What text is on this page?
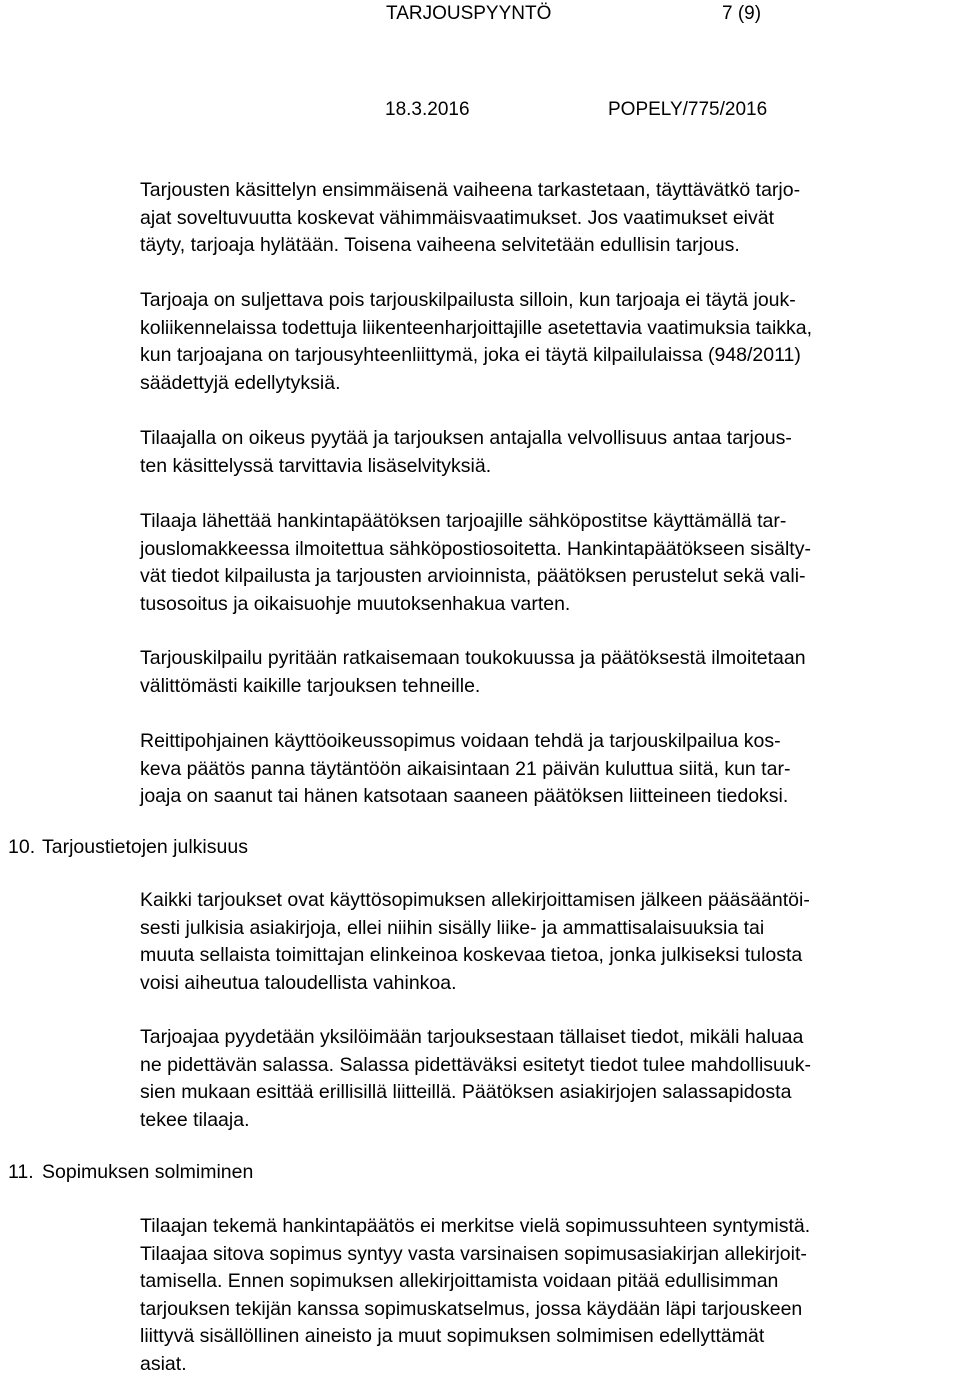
TARJOUSPYYNTÖ	7 (9)
18.3.2016	POPELY/775/2016

Tarjousten käsittelyn ensimmäisenä vaiheena tarkastetaan, täyttävätkö tarjo-
ajat soveltuvuutta koskevat vähimmäisvaatimukset. Jos vaatimukset eivät
täyty, tarjoaja hylätään. Toisena vaiheena selvitetään edullisin tarjous.

Tarjoaja on suljettava pois tarjouskilpailusta silloin, kun tarjoaja ei täytä jouk-
koliikennelaissa todettuja liikenteenharjoittajille asetettavia vaatimuksia taikka,
kun tarjoajana on tarjousyhteenliittymä, joka ei täytä kilpailulaissa (948/2011)
säädettyjä edellytyksiä.

Tilaajalla on oikeus pyytää ja tarjouksen antajalla velvollisuus antaa tarjous-
ten käsittelyssä tarvittavia lisäselvityksiä.

Tilaaja lähettää hankintapäätöksen tarjoajille sähköpostitse käyttämällä tar-
jouslomakkeessa ilmoitettua sähköpostiosoitetta. Hankintapäätökseen sisälty-
vät tiedot kilpailusta ja tarjousten arvioinnista, päätöksen perustelut sekä vali-
tusosoitus ja oikaisuohje muutoksenhakua varten.

Tarjouskilpailu pyritään ratkaisemaan toukokuussa ja päätöksestä ilmoitetaan
välittömästi kaikille tarjouksen tehneille.

Reittipohjainen käyttöoikeussopimus voidaan tehdä ja tarjouskilpailua kos-
keva päätös panna täytäntöön aikaisintaan 21 päivän kuluttua siitä, kun tar-
joaja on saanut tai hänen katsotaan saaneen päätöksen liitteineen tiedoksi.

10. Tarjoustietojen julkisuus

Kaikki tarjoukset ovat käyttösopimuksen allekirjoittamisen jälkeen pääsääntöi-
sesti julkisia asiakirjoja, ellei niihin sisälly liike- ja ammattisalaisuuksia tai
muuta sellaista toimittajan elinkeinoa koskevaa tietoa, jonka julkiseksi tulosta
voisi aiheutua taloudellista vahinkoa.

Tarjoajaa pyydetään yksilöimään tarjouksestaan tällaiset tiedot, mikäli haluaa
ne pidettävän salassa. Salassa pidettäväksi esitetyt tiedot tulee mahdollisuuk-
sien mukaan esittää erillisillä liitteillä. Päätöksen asiakirjojen salassapidosta
tekee tilaaja.

11. Sopimuksen solmiminen

Tilaajan tekemä hankintapäätös ei merkitse vielä sopimussuhteen syntymistä.
Tilaajaa sitova sopimus syntyy vasta varsinaisen sopimusasiakirjan allekirjoit-
tamisella. Ennen sopimuksen allekirjoittamista voidaan pitää edullisimman
tarjouksen tekijän kanssa sopimuskatselmus, jossa käydään läpi tarjouskeen
liittyvä sisällöllinen aineisto ja muut sopimuksen solmimisen edellyttämät
asiat.
